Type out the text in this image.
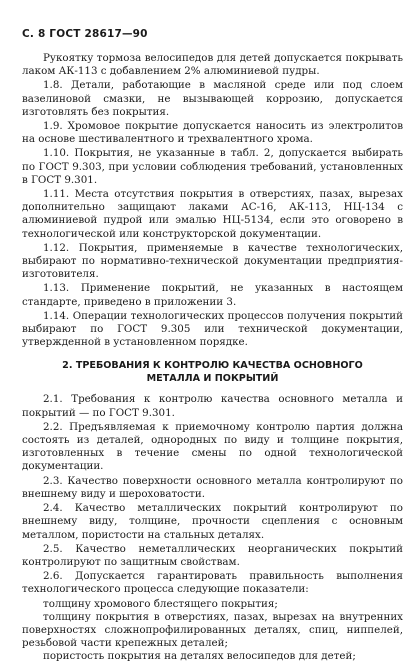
С. 8 ГОСТ 28617—90

Рукоятку тормоза велосипедов для детей допускается покрывать лаком АК-113 с добавлением 2% алюминиевой пудры.

1.8. Детали, работающие в масляной среде или под слоем вазелиновой смазки, не вызывающей коррозию, допускается изготовлять без покрытия.

1.9. Хромовое покрытие допускается наносить из электролитов на основе шестивалентного и трехвалентного хрома.

1.10. Покрытия, не указанные в табл. 2, допускается выбирать по ГОСТ 9.303, при условии соблюдения требований, установленных в ГОСТ 9.301.

1.11. Места отсутствия покрытия в отверстиях, пазах, вырезах дополнительно защищают лаками АС-16, АК-113, НЦ-134 с алюминиевой пудрой или эмалью НЦ-5134, если это оговорено в технологической или конструкторской документации.

1.12. Покрытия, применяемые в качестве технологических, выбирают по нормативно-технической документации предприятия-изготовителя.

1.13. Применение покрытий, не указанных в настоящем стандарте, приведено в приложении 3.

1.14. Операции технологических процессов получения покрытий выбирают по ГОСТ 9.305 или технической документации, утвержденной в установленном порядке.

2. ТРЕБОВАНИЯ К КОНТРОЛЮ КАЧЕСТВА ОСНОВНОГО
МЕТАЛЛА И ПОКРЫТИЙ

2.1. Требования к контролю качества основного металла и покрытий — по ГОСТ 9.301.

2.2. Предъявляемая к приемочному контролю партия должна состоять из деталей, однородных по виду и толщине покрытия, изготовленных в течение смены по одной технологической документации.

2.3. Качество поверхности основного металла контролируют по внешнему виду и шероховатости.

2.4. Качество металлических покрытий контролируют по внешнему виду, толщине, прочности сцепления с основным металлом, пористости на стальных деталях.

2.5. Качество неметаллических неорганических покрытий контролируют по защитным свойствам.

2.6. Допускается гарантировать правильность выполнения технологического процесса следующие показатели:

толщину хромового блестящего покрытия;

толщину покрытия в отверстиях, пазах, вырезах на внутренних поверхностях сложнопрофилированных деталях, спиц, ниппелей, резьбовой части крепежных деталей;

пористость покрытия на деталях велосипедов для детей;
